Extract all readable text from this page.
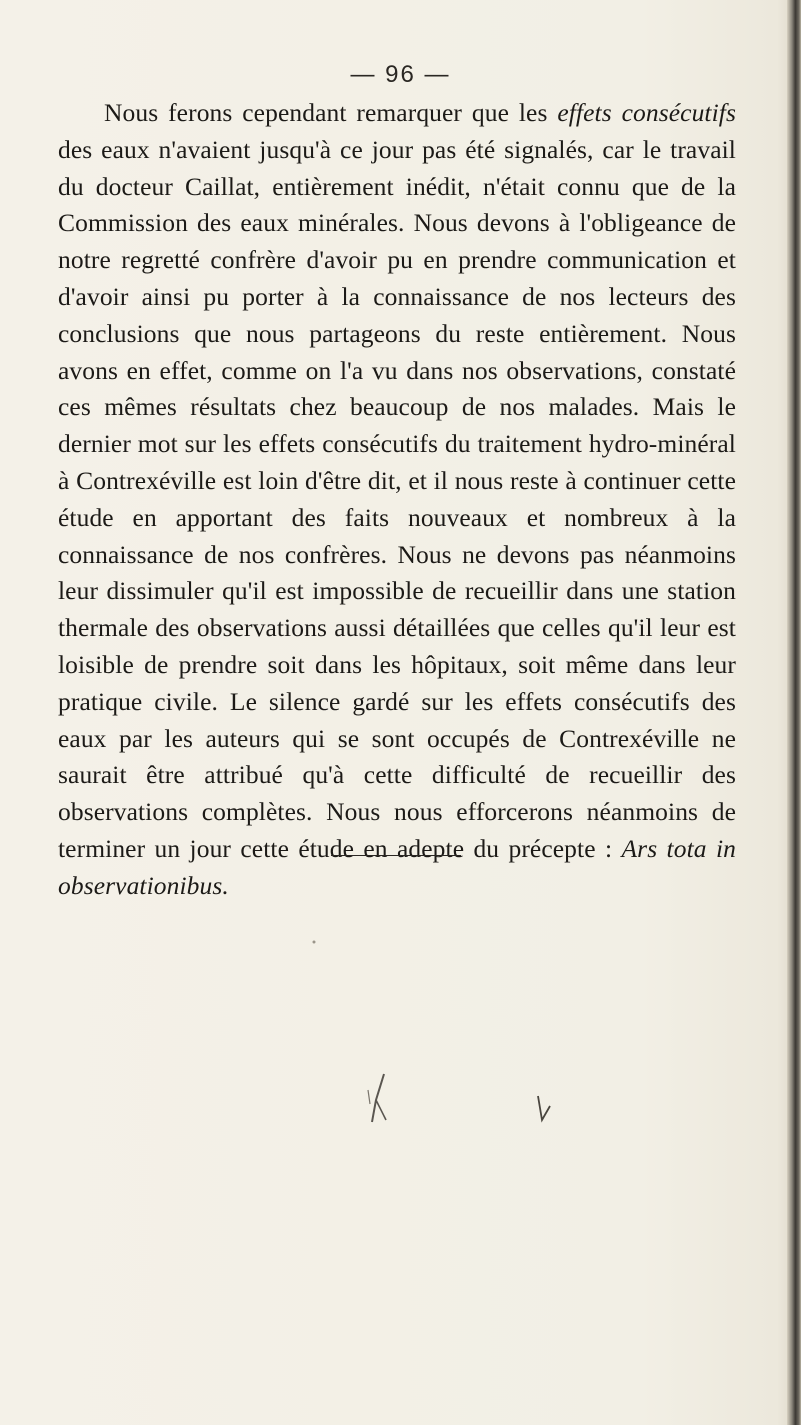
— 96 —

Nous ferons cependant remarquer que les effets consécutifs des eaux n'avaient jusqu'à ce jour pas été signalés, car le travail du docteur Caillat, entièrement inédit, n'était connu que de la Commission des eaux minérales. Nous devons à l'obligeance de notre regretté confrère d'avoir pu en prendre communication et d'avoir ainsi pu porter à la connaissance de nos lecteurs des conclusions que nous partageons du reste entièrement. Nous avons en effet, comme on l'a vu dans nos observations, constaté ces mêmes résultats chez beaucoup de nos malades. Mais le dernier mot sur les effets consécutifs du traitement hydro-minéral à Contrexéville est loin d'être dit, et il nous reste à continuer cette étude en apportant des faits nouveaux et nombreux à la connaissance de nos confrères. Nous ne devons pas néanmoins leur dissimuler qu'il est impossible de recueillir dans une station thermale des observations aussi détaillées que celles qu'il leur est loisible de prendre soit dans les hôpitaux, soit même dans leur pratique civile. Le silence gardé sur les effets consécutifs des eaux par les auteurs qui se sont occupés de Contrexéville ne saurait être attribué qu'à cette difficulté de recueillir des observations complètes. Nous nous efforcerons néanmoins de terminer un jour cette étude en adepte du précepte : Ars tota in observationibus.
